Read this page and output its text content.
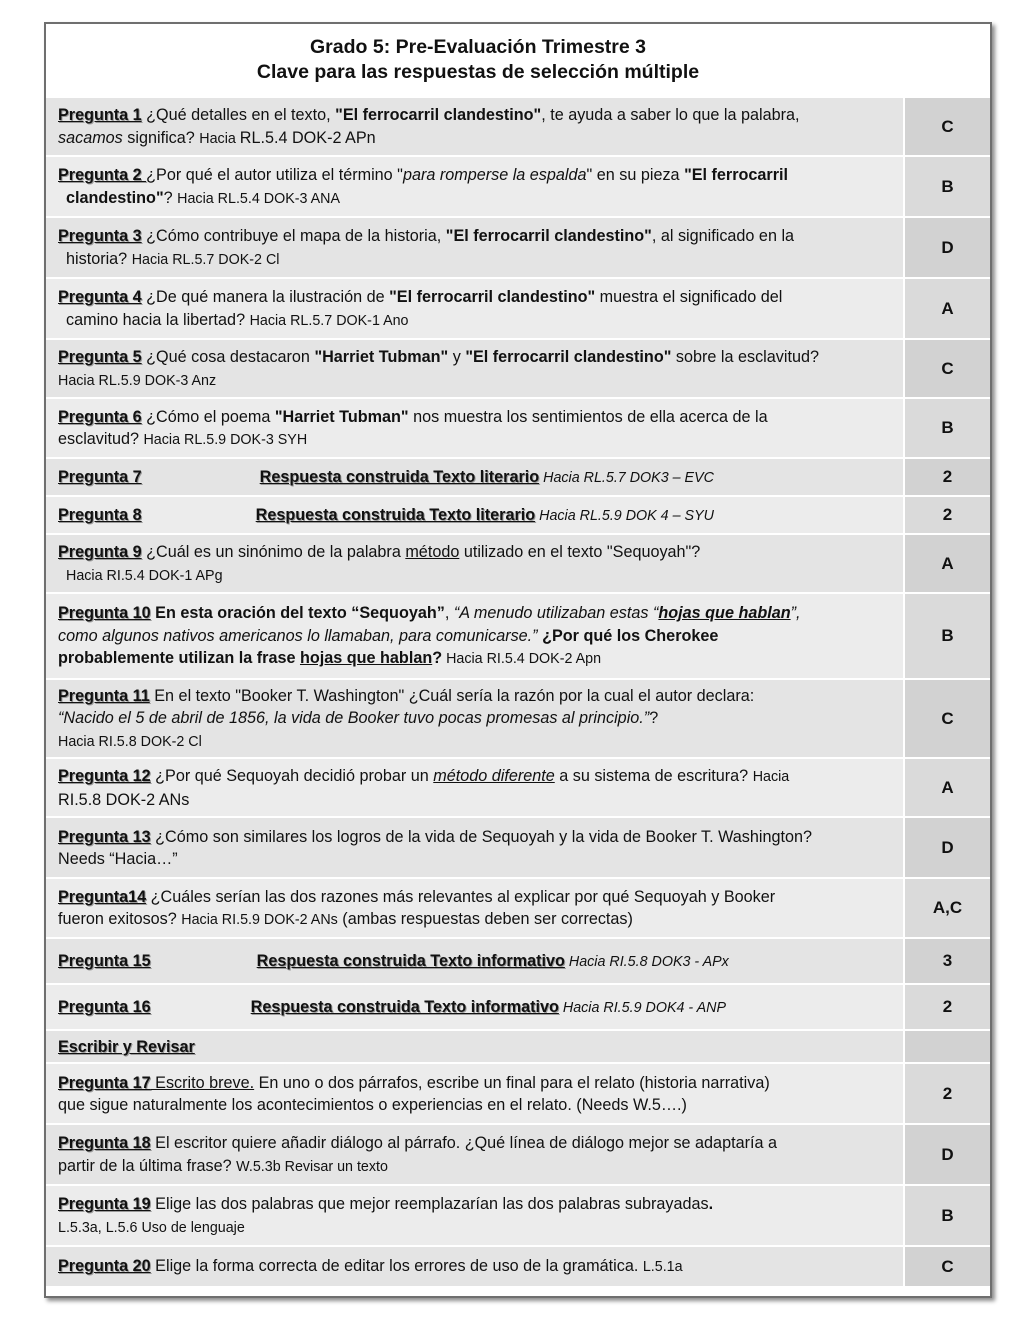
Grado 5: Pre-Evaluación Trimestre 3
Clave para las respuestas de selección múltiple
Pregunta 1 ¿Qué detalles en el texto, "El ferrocarril clandestino", te ayuda a saber lo que la palabra,
sacamos significa? Hacia RL.5.4 DOK-2 APn	C
Pregunta 2 ¿Por qué el autor utiliza el término "para romperse la espalda" en su pieza "El ferrocarril
clandestino"? Hacia RL.5.4 DOK-3 ANA	B
Pregunta 3 ¿Cómo contribuye el mapa de la historia, "El ferrocarril clandestino", al significado en la
historia? Hacia RL.5.7 DOK-2 Cl	D
Pregunta 4 ¿De qué manera la ilustración de "El ferrocarril clandestino" muestra el significado del
camino hacia la libertad? Hacia RL.5.7 DOK-1 Ano	A
Pregunta 5 ¿Qué cosa destacaron "Harriet Tubman" y "El ferrocarril clandestino" sobre la esclavitud?
Hacia RL.5.9 DOK-3 Anz	C
Pregunta 6 ¿Cómo el poema "Harriet Tubman" nos muestra los sentimientos de ella acerca de la
esclavitud? Hacia RL.5.9 DOK-3 SYH	B
Pregunta 7 Respuesta construida Texto literario Hacia RL.5.7 DOK3 – EVC	2
Pregunta 8 Respuesta construida Texto literario Hacia RL.5.9 DOK 4 – SYU	2
Pregunta 9 ¿Cuál es un sinónimo de la palabra método utilizado en el texto "Sequoyah"?
Hacia RI.5.4 DOK-1 APg	A
Pregunta 10 En esta oración del texto “Sequoyah”, “A menudo utilizaban estas “hojas que hablan”,
como algunos nativos americanos lo llamaban, para comunicarse.” ¿Por qué los Cherokee
probablemente utilizan la frase hojas que hablan? Hacia RI.5.4 DOK-2 Apn	B
Pregunta 11 En el texto "Booker T. Washington" ¿Cuál sería la razón por la cual el autor declara:
“Nacido el 5 de abril de 1856, la vida de Booker tuvo pocas promesas al principio.”?
Hacia RI.5.8 DOK-2 Cl	C
Pregunta 12 ¿Por qué Sequoyah decidió probar un método diferente a su sistema de escritura? Hacia
RI.5.8 DOK-2 ANs	A
Pregunta 13 ¿Cómo son similares los logros de la vida de Sequoyah y la vida de Booker T. Washington?
Needs “Hacia…”	D
Pregunta14 ¿Cuáles serían las dos razones más relevantes al explicar por qué Sequoyah y Booker
fueron exitosos? Hacia RI.5.9 DOK-2 ANs (ambas respuestas deben ser correctas)	A,C
Pregunta 15 Respuesta construida Texto informativo Hacia RI.5.8 DOK3 - APx	3
Pregunta 16 Respuesta construida Texto informativo Hacia RI.5.9 DOK4 - ANP	2
Escribir y Revisar	
Pregunta 17 Escrito breve. En uno o dos párrafos, escribe un final para el relato (historia narrativa)
que sigue naturalmente los acontecimientos o experiencias en el relato. (Needs W.5….)	2
Pregunta 18 El escritor quiere añadir diálogo al párrafo. ¿Qué línea de diálogo mejor se adaptaría a
partir de la última frase? W.5.3b Revisar un texto	D
Pregunta 19 Elige las dos palabras que mejor reemplazarían las dos palabras subrayadas.
L.5.3a, L.5.6 Uso de lenguaje	B
Pregunta 20 Elige la forma correcta de editar los errores de uso de la gramática. L.5.1a	C
